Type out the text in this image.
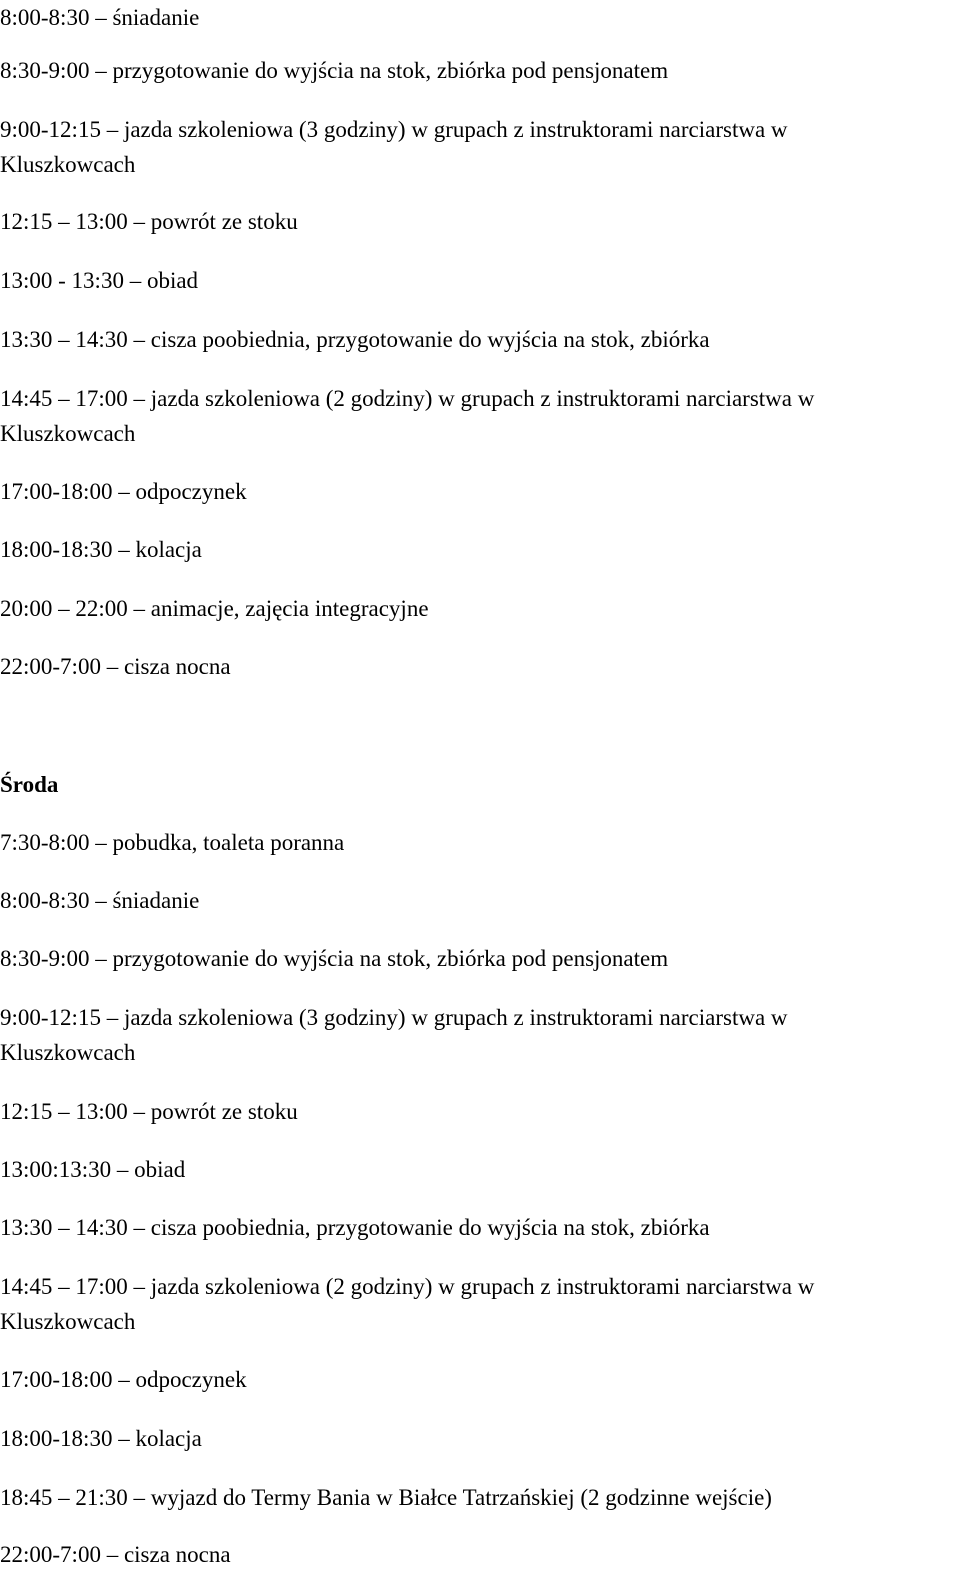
8:00-8:30 – śniadanie
8:30-9:00 – przygotowanie do wyjścia na stok, zbiórka pod pensjonatem
9:00-12:15 – jazda szkoleniowa (3 godziny) w grupach z instruktorami narciarstwa w
Kluszkowcach
12:15 – 13:00 – powrót ze stoku
13:00 - 13:30 – obiad
13:30 – 14:30 – cisza poobiednia, przygotowanie do wyjścia na stok, zbiórka
14:45 – 17:00 – jazda szkoleniowa (2 godziny) w grupach z instruktorami narciarstwa w
Kluszkowcach
17:00-18:00 – odpoczynek
18:00-18:30 – kolacja
20:00 – 22:00 – animacje, zajęcia integracyjne
22:00-7:00 – cisza nocna
Środa
7:30-8:00 – pobudka, toaleta poranna
8:00-8:30 – śniadanie
8:30-9:00 – przygotowanie do wyjścia na stok, zbiórka pod pensjonatem
9:00-12:15 – jazda szkoleniowa (3 godziny) w grupach z instruktorami narciarstwa w
Kluszkowcach
12:15 – 13:00 – powrót ze stoku
13:00:13:30 – obiad
13:30 – 14:30 – cisza poobiednia, przygotowanie do wyjścia na stok, zbiórka
14:45 – 17:00 – jazda szkoleniowa (2 godziny) w grupach z instruktorami narciarstwa w
Kluszkowcach
17:00-18:00 – odpoczynek
18:00-18:30 – kolacja
18:45 – 21:30 – wyjazd do Termy Bania w Białce Tatrzańskiej (2 godzinne wejście)
22:00-7:00 – cisza nocna
